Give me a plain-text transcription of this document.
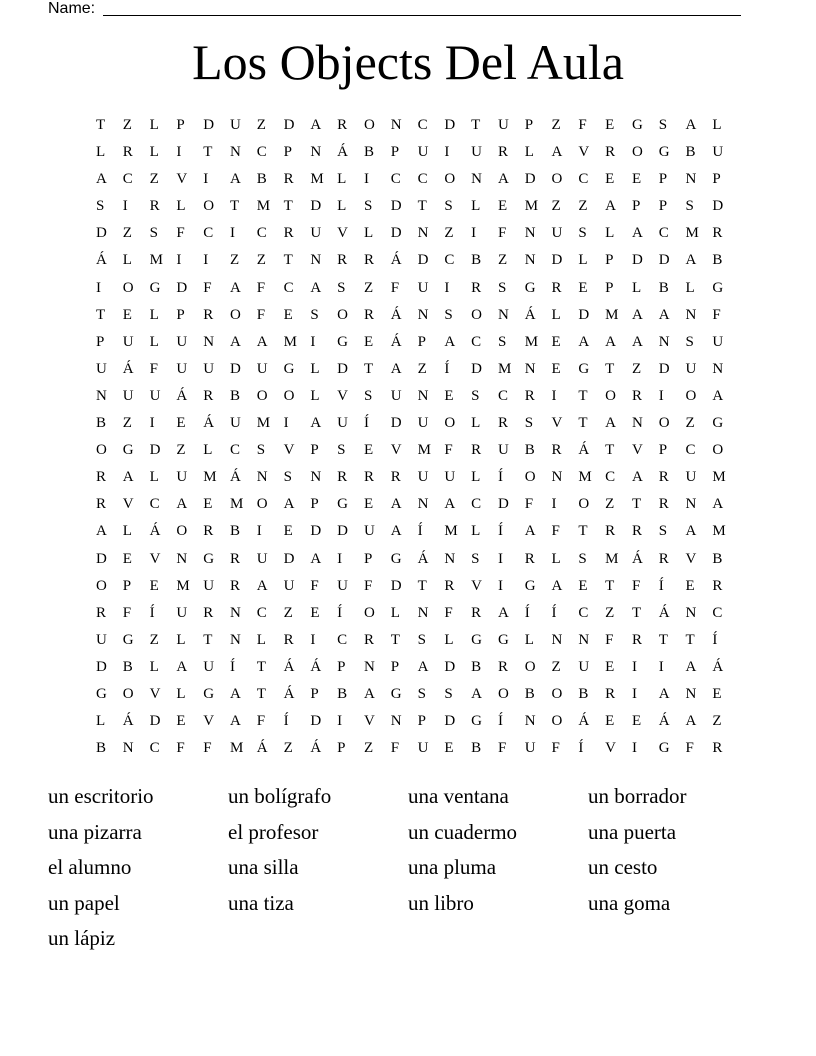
Name:
Los Objects Del Aula
T Z L P D U Z D A R O N C D T U P Z F E G S A L
L R L I T N C P N Á B P U I U R L A V R O G B U
A C Z V I A B R M L I C C O N A D O C E E P N P
S I R L O T M T D L S D T S L E M Z Z A P P S D
D Z S F C I C R U V L D N Z I F N U S L A C M R
Á L M I I Z Z T N R R Á D C B Z N D L P D D A B
I O G D F A F C A S Z F U I R S G R E P L B L G
T E L P R O F E S O R Á N S O N Á L D M A A N F
P U L U N A A M I G E Á P A C S M E A A A N S U
U Á F U U D U G L D T A Z Í D M N E G T Z D U N
N U U Á R B O O L V S U N E S C R I T O R I O A
B Z I E Á U M I A U Í D U O L R S V T A N O Z G
O G D Z L C S V P S E V M F R U B R Á T V P C O
R A L U M Á N S N R R R U U L Í O N M C A R U M
R V C A E M O A P G E A N A C D F I O Z T R N A
A L Á O R B I E D D U A Í M L Í A F T R R S A M
D E V N G R U D A I P G Á N S I R L S M Á R V B
O P E M U R A U F U F D T R V I G A E T F Í E R
R F Í U R N C Z E Í O L N F R A Í Í C Z T Á N C
U G Z L T N L R I C R T S L G G L N N F R T T Í
D B L A U Í T Á Á P N P A D B R O Z U E I I A Á
G O V L G A T Á P B A G S S A O B O B R I A N E
L Á D E V A F Í D I V N P D G Í N O Á E E Á A Z
B N C F F M Á Z Á P Z F U E B F U F Í V I G F R
un escritorio	un bolígrafo	una ventana	un borrador
una pizarra	el profesor	un cuadermo	una puerta
el alumno	una silla	una pluma	un cesto
un papel	una tiza	un libro	una goma
un lápiz
